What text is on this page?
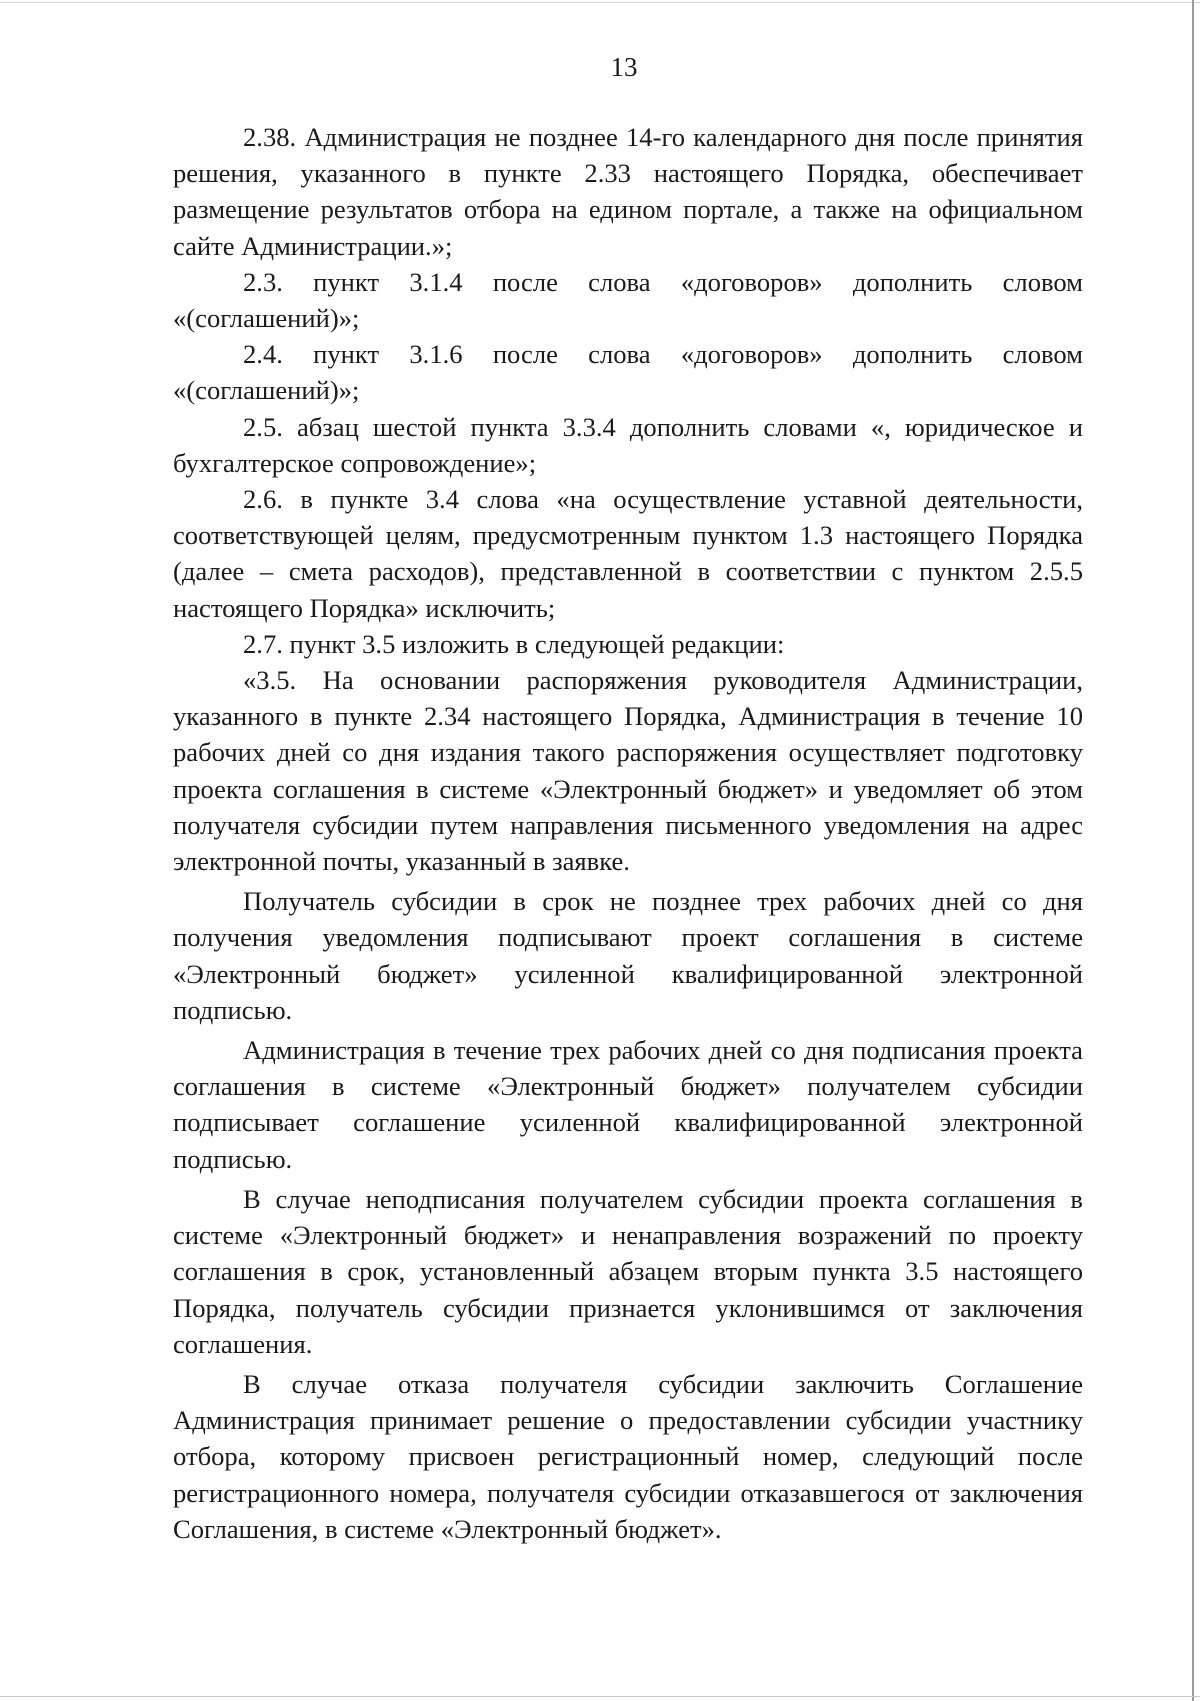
13

2.38. Администрация не позднее 14-го календарного дня после принятия решения, указанного в пункте 2.33 настоящего Порядка, обеспечивает размещение результатов отбора на едином портале, а также на официальном сайте Администрации.»;

2.3. пункт 3.1.4 после слова «договоров» дополнить словом «(соглашений)»;

2.4. пункт 3.1.6 после слова «договоров» дополнить словом «(соглашений)»;

2.5. абзац шестой пункта 3.3.4 дополнить словами «, юридическое и бухгалтерское сопровождение»;

2.6. в пункте 3.4 слова «на осуществление уставной деятельности, соответствующей целям, предусмотренным пунктом 1.3 настоящего Порядка (далее – смета расходов), представленной в соответствии с пунктом 2.5.5 настоящего Порядка» исключить;

2.7. пункт 3.5 изложить в следующей редакции:

«3.5. На основании распоряжения руководителя Администрации, указанного в пункте 2.34 настоящего Порядка, Администрация в течение 10 рабочих дней со дня издания такого распоряжения осуществляет подготовку проекта соглашения в системе «Электронный бюджет» и уведомляет об этом получателя субсидии путем направления письменного уведомления на адрес электронной почты, указанный в заявке.

Получатель субсидии в срок не позднее трех рабочих дней со дня получения уведомления подписывают проект соглашения в системе «Электронный бюджет» усиленной квалифицированной электронной подписью.

Администрация в течение трех рабочих дней со дня подписания проекта соглашения в системе «Электронный бюджет» получателем субсидии подписывает соглашение усиленной квалифицированной электронной подписью.

В случае неподписания получателем субсидии проекта соглашения в системе «Электронный бюджет» и ненаправления возражений по проекту соглашения в срок, установленный абзацем вторым пункта 3.5 настоящего Порядка, получатель субсидии признается уклонившимся от заключения соглашения.

В случае отказа получателя субсидии заключить Соглашение Администрация принимает решение о предоставлении субсидии участнику отбора, которому присвоен регистрационный номер, следующий после регистрационного номера, получателя субсидии отказавшегося от заключения Соглашения, в системе «Электронный бюджет».
